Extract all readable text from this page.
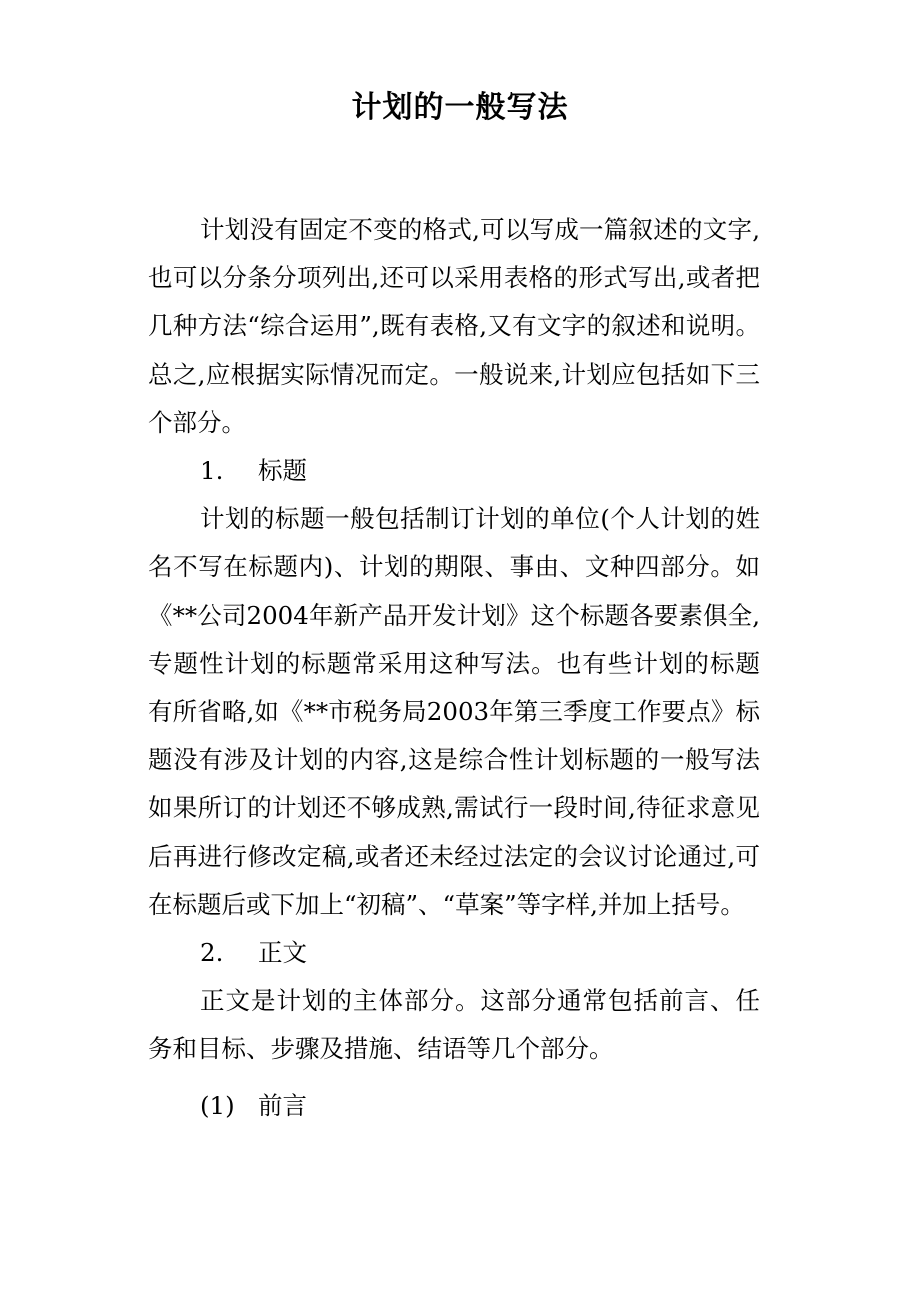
计划的一般写法

计划没有固定不变的格式,可以写成一篇叙述的文字,也可以分条分项列出,还可以采用表格的形式写出,或者把几种方法“综合运用”,既有表格,又有文字的叙述和说明。总之,应根据实际情况而定。一般说来,计划应包括如下三个部分。

1. 标题

计划的标题一般包括制订计划的单位(个人计划的姓名不写在标题内)、计划的期限、事由、文种四部分。如《**公司2004年新产品开发计划》这个标题各要素俱全,专题性计划的标题常采用这种写法。也有些计划的标题有所省略,如《**市税务局2003年第三季度工作要点》标题没有涉及计划的内容,这是综合性计划标题的一般写法如果所订的计划还不够成熟,需试行一段时间,待征求意见后再进行修改定稿,或者还未经过法定的会议讨论通过,可在标题后或下加上“初稿”、“草案”等字样,并加上括号。

2. 正文

正文是计划的主体部分。这部分通常包括前言、任务和目标、步骤及措施、结语等几个部分。

(1) 前言
